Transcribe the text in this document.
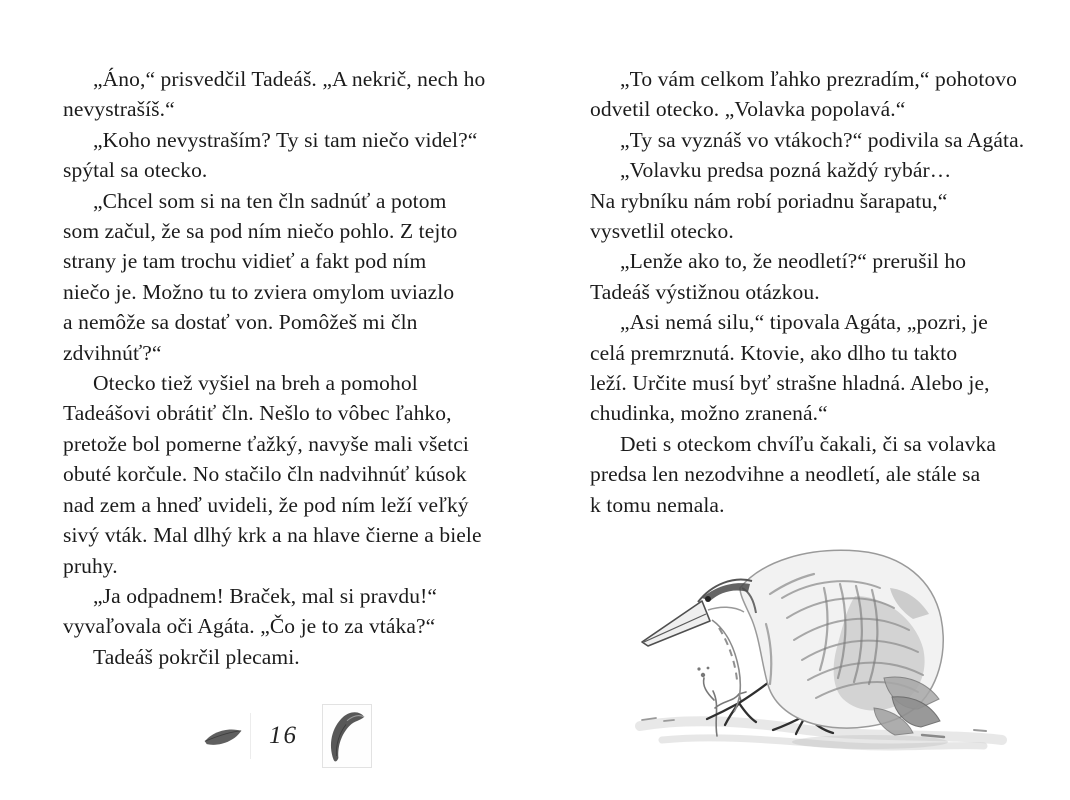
„Áno,“ prisvedčil Tadeáš. „A nekrič, nech ho
nevystrašíš.“
„Koho nevystraším? Ty si tam niečo videl?“
spýtal sa otecko.
„Chcel som si na ten čln sadnúť a potom
som začul, že sa pod ním niečo pohlo. Z tejto
strany je tam trochu vidieť a fakt pod ním
niečo je. Možno tu to zviera omylom uviazlo
a nemôže sa dostať von. Pomôžeš mi čln
zdvihnúť?“
Otecko tiež vyšiel na breh a pomohol
Tadeášovi obrátiť čln. Nešlo to vôbec ľahko,
pretože bol pomerne ťažký, navyše mali všetci
obuté korčule. No stačilo čln nadvihnúť kúsok
nad zem a hneď uvideli, že pod ním leží veľký
sivý vták. Mal dlhý krk a na hlave čierne a biele
pruhy.
„Ja odpadnem! Braček, mal si pravdu!“
vyvaľovala oči Agáta. „Čo je to za vtáka?“
Tadeáš pokrčil plecami.
„To vám celkom ľahko prezradím,“ pohotovo
odvetil otecko. „Volavka popolavá.“
„Ty sa vyznáš vo vtákoch?“ podivila sa Agáta.
„Volavku predsa pozná každý rybár…
Na rybníku nám robí poriadnu šarapatu,“
vysvetlil otecko.
„Lenže ako to, že neodletí?“ prerušil ho
Tadeáš výstižnou otázkou.
„Asi nemá silu,“ tipovala Agáta, „pozri, je
celá premrznutá. Ktovie, ako dlho tu takto
leží. Určite musí byť strašne hladná. Alebo je,
chudinka, možno zranená.“
Deti s oteckom chvíľu čakali, či sa volavka
predsa len nezodvihne a neodletí, ale stále sa
k tomu nemala.
16
